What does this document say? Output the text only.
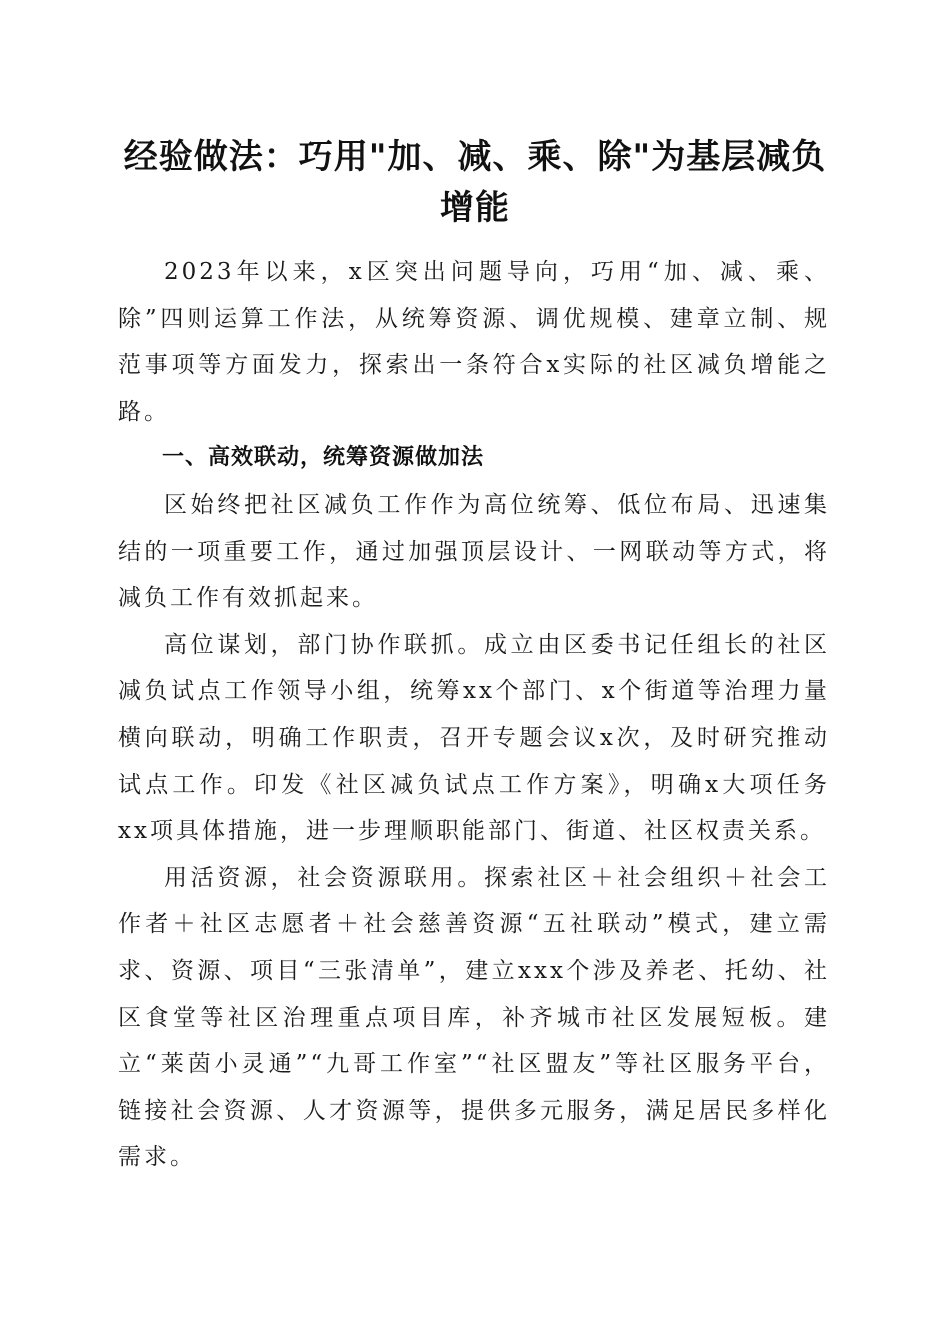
经验做法：巧用"加、减、乘、除"为基层减负增能

2023年以来，x区突出问题导向，巧用“加、减、乘、除”四则运算工作法，从统筹资源、调优规模、建章立制、规范事项等方面发力，探索出一条符合x实际的社区减负增能之路。

一、高效联动，统筹资源做加法

区始终把社区减负工作作为高位统筹、低位布局、迅速集结的一项重要工作，通过加强顶层设计、一网联动等方式，将减负工作有效抓起来。

高位谋划，部门协作联抓。成立由区委书记任组长的社区减负试点工作领导小组，统筹xx个部门、x个街道等治理力量横向联动，明确工作职责，召开专题会议x次，及时研究推动试点工作。印发《社区减负试点工作方案》，明确x大项任务xx项具体措施，进一步理顺职能部门、街道、社区权责关系。

用活资源，社会资源联用。探索社区＋社会组织＋社会工作者＋社区志愿者＋社会慈善资源“五社联动”模式，建立需求、资源、项目“三张清单”，建立xxx个涉及养老、托幼、社区食堂等社区治理重点项目库，补齐城市社区发展短板。建立“莱茵小灵通”“九哥工作室”“社区盟友”等社区服务平台，链接社会资源、人才资源等，提供多元服务，满足居民多样化需求。
